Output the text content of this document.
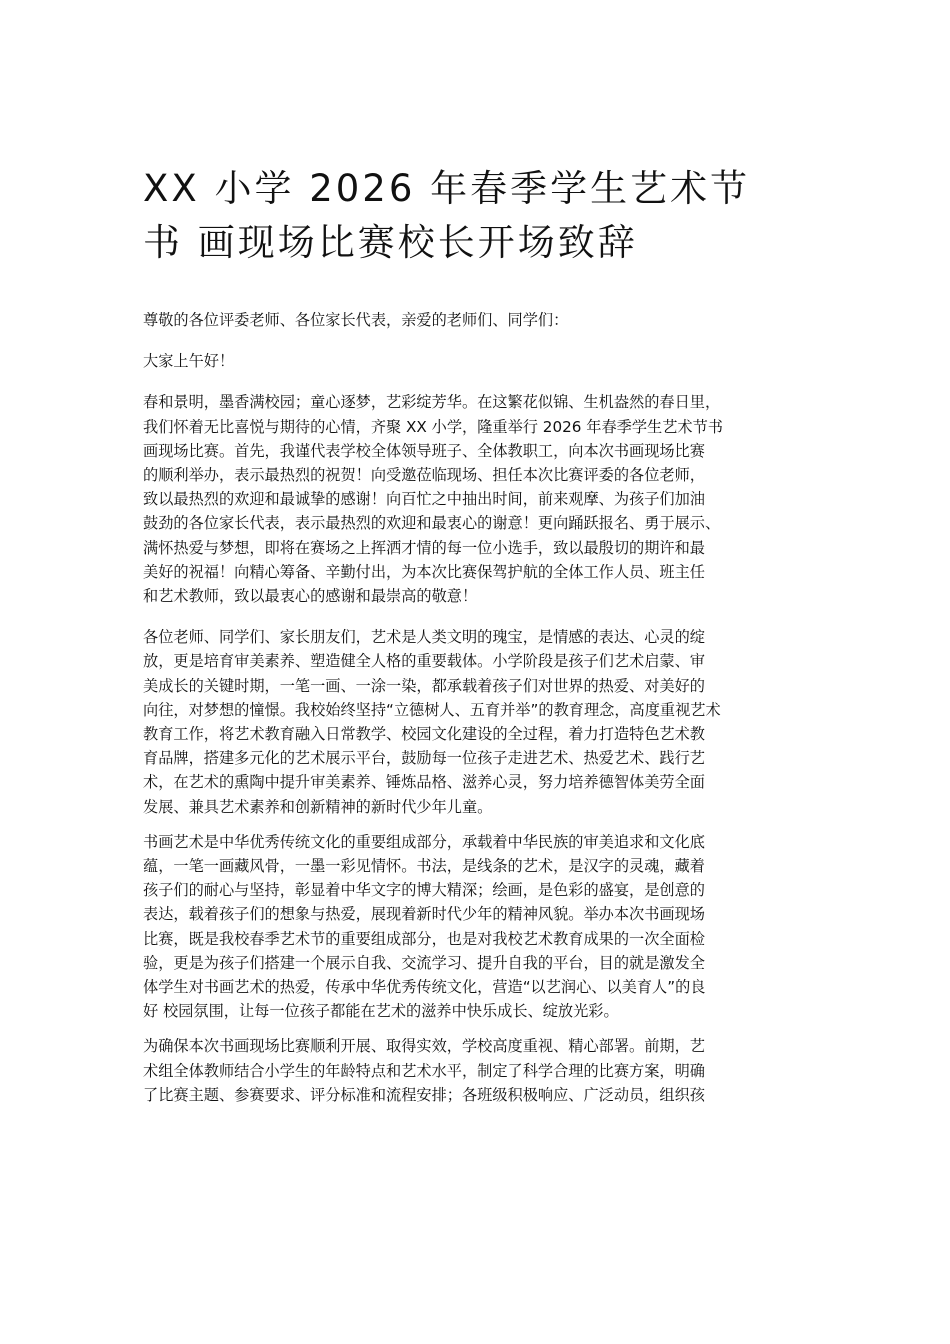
XX 小学 2026 年春季学生艺术节
书 画现场比赛校长开场致辞

尊敬的各位评委老师、各位家长代表，亲爱的老师们、同学们：

大家上午好！

春和景明，墨香满校园；童心逐梦，艺彩绽芳华。在这繁花似锦、生机盎然的春日里，
我们怀着无比喜悦与期待的心情，齐聚 XX 小学，隆重举行 2026 年春季学生艺术节书
画现场比赛。首先，我谨代表学校全体领导班子、全体教职工，向本次书画现场比赛
的顺利举办，表示最热烈的祝贺！向受邀莅临现场、担任本次比赛评委的各位老师，
致以最热烈的欢迎和最诚挚的感谢！向百忙之中抽出时间，前来观摩、为孩子们加油
鼓劲的各位家长代表，表示最热烈的欢迎和最衷心的谢意！更向踊跃报名、勇于展示、
满怀热爱与梦想，即将在赛场之上挥洒才情的每一位小选手，致以最殷切的期许和最
美好的祝福！向精心筹备、辛勤付出，为本次比赛保驾护航的全体工作人员、班主任
和艺术教师，致以最衷心的感谢和最崇高的敬意！

各位老师、同学们、家长朋友们，艺术是人类文明的瑰宝，是情感的表达、心灵的绽
放，更是培育审美素养、塑造健全人格的重要载体。小学阶段是孩子们艺术启蒙、审
美成长的关键时期，一笔一画、一涂一染，都承载着孩子们对世界的热爱、对美好的
向往，对梦想的憧憬。我校始终坚持“立德树人、五育并举”的教育理念，高度重视艺术
教育工作，将艺术教育融入日常教学、校园文化建设的全过程，着力打造特色艺术教
育品牌，搭建多元化的艺术展示平台，鼓励每一位孩子走进艺术、热爱艺术、践行艺
术，在艺术的熏陶中提升审美素养、锤炼品格、滋养心灵，努力培养德智体美劳全面
发展、兼具艺术素养和创新精神的新时代少年儿童。

书画艺术是中华优秀传统文化的重要组成部分，承载着中华民族的审美追求和文化底
蕴，一笔一画藏风骨，一墨一彩见情怀。书法，是线条的艺术，是汉字的灵魂，藏着
孩子们的耐心与坚持，彰显着中华文字的博大精深；绘画，是色彩的盛宴，是创意的
表达，载着孩子们的想象与热爱，展现着新时代少年的精神风貌。举办本次书画现场
比赛，既是我校春季艺术节的重要组成部分，也是对我校艺术教育成果的一次全面检
验，更是为孩子们搭建一个展示自我、交流学习、提升自我的平台，目的就是激发全
体学生对书画艺术的热爱，传承中华优秀传统文化，营造“以艺润心、以美育人”的良
好 校园氛围，让每一位孩子都能在艺术的滋养中快乐成长、绽放光彩。

为确保本次书画现场比赛顺利开展、取得实效，学校高度重视、精心部署。前期，艺
术组全体教师结合小学生的年龄特点和艺术水平，制定了科学合理的比赛方案，明确
了比赛主题、参赛要求、评分标准和流程安排；各班级积极响应、广泛动员，组织孩
